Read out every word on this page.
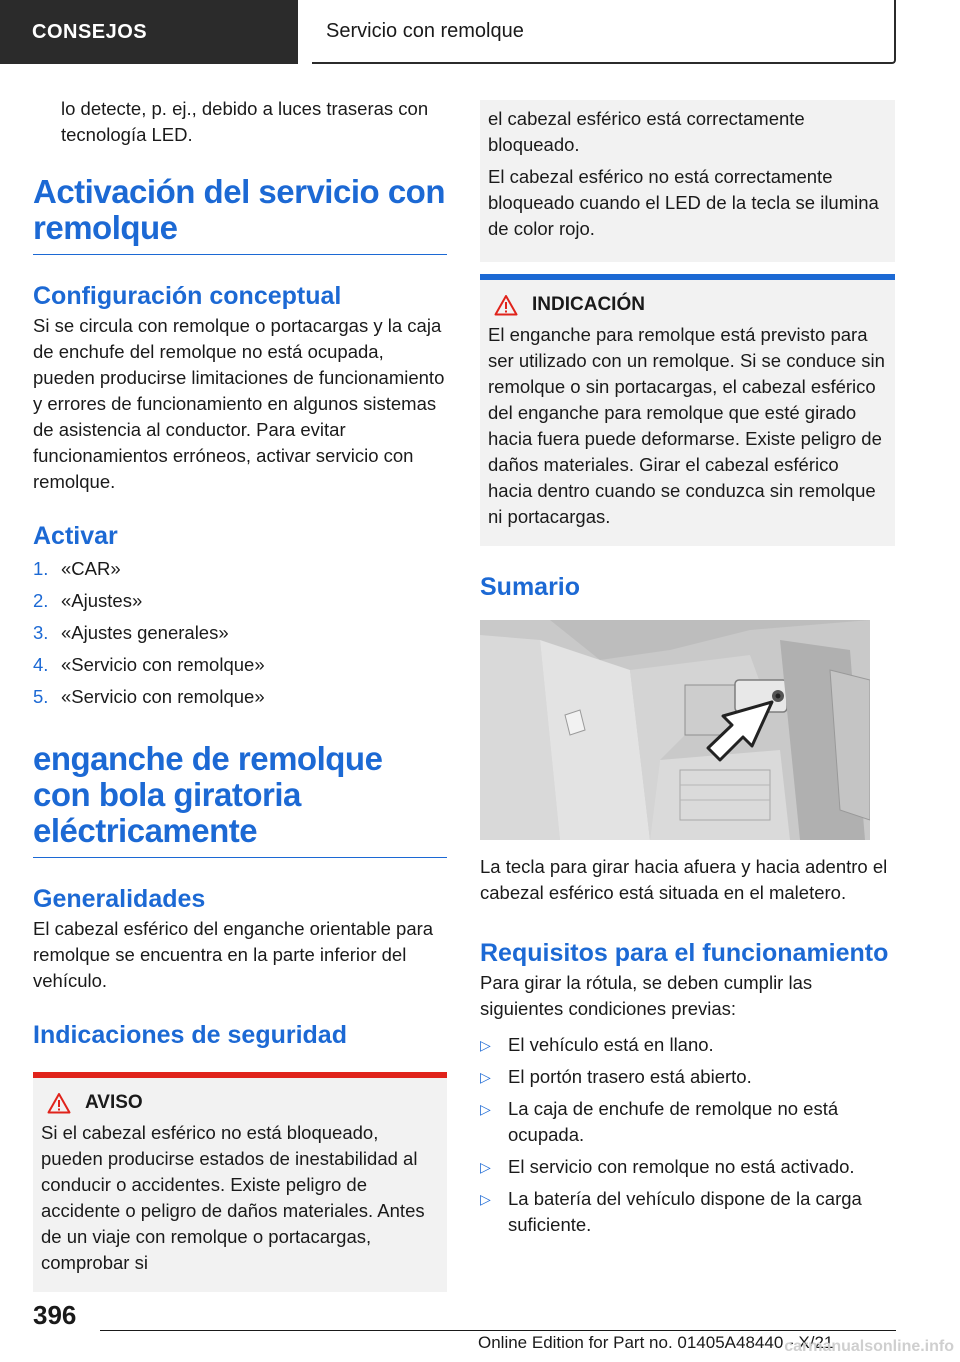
CONSEJOS	Servicio con remolque

lo detecte, p. ej., debido a luces traseras con tecnología LED.

Activación del servicio con remolque
Configuración conceptual

Si se circula con remolque o portacargas y la caja de enchufe del remolque no está ocupada, pueden producirse limitaciones de funcionamiento y errores de funcionamiento en algunos sistemas de asistencia al conductor. Para evitar funcionamientos erróneos, activar servicio con remolque.

Activar
1. «CAR»
2. «Ajustes»
3. «Ajustes generales»
4. «Servicio con remolque»
5. «Servicio con remolque»
enganche de remolque con bola giratoria eléctricamente
Generalidades

El cabezal esférico del enganche orientable para remolque se encuentra en la parte inferior del vehículo.

Indicaciones de seguridad
AVISO

Si el cabezal esférico no está bloqueado, pueden producirse estados de inestabilidad al conducir o accidentes. Existe peligro de accidente o peligro de daños materiales. Antes de un viaje con remolque o portacargas, comprobar si

el cabezal esférico está correctamente bloqueado.

El cabezal esférico no está correctamente bloqueado cuando el LED de la tecla se ilumina de color rojo.

INDICACIÓN

El enganche para remolque está previsto para ser utilizado con un remolque. Si se conduce sin remolque o sin portacargas, el cabezal esférico del enganche para remolque que esté girado hacia fuera puede deformarse. Existe peligro de daños materiales. Girar el cabezal esférico hacia dentro cuando se conduzca sin remolque ni portacargas.

Sumario

La tecla para girar hacia afuera y hacia adentro el cabezal esférico está situada en el maletero.

Requisitos para el funcionamiento

Para girar la rótula, se deben cumplir las siguientes condiciones previas:

▷ El vehículo está en llano.
▷ El portón trasero está abierto.
▷ La caja de enchufe de remolque no está ocupada.
▷ El servicio con remolque no está activado.
▷ La batería del vehículo dispone de la carga suficiente.
396
Online Edition for Part no. 01405A48440 - X/21
carmanualsonline.info
